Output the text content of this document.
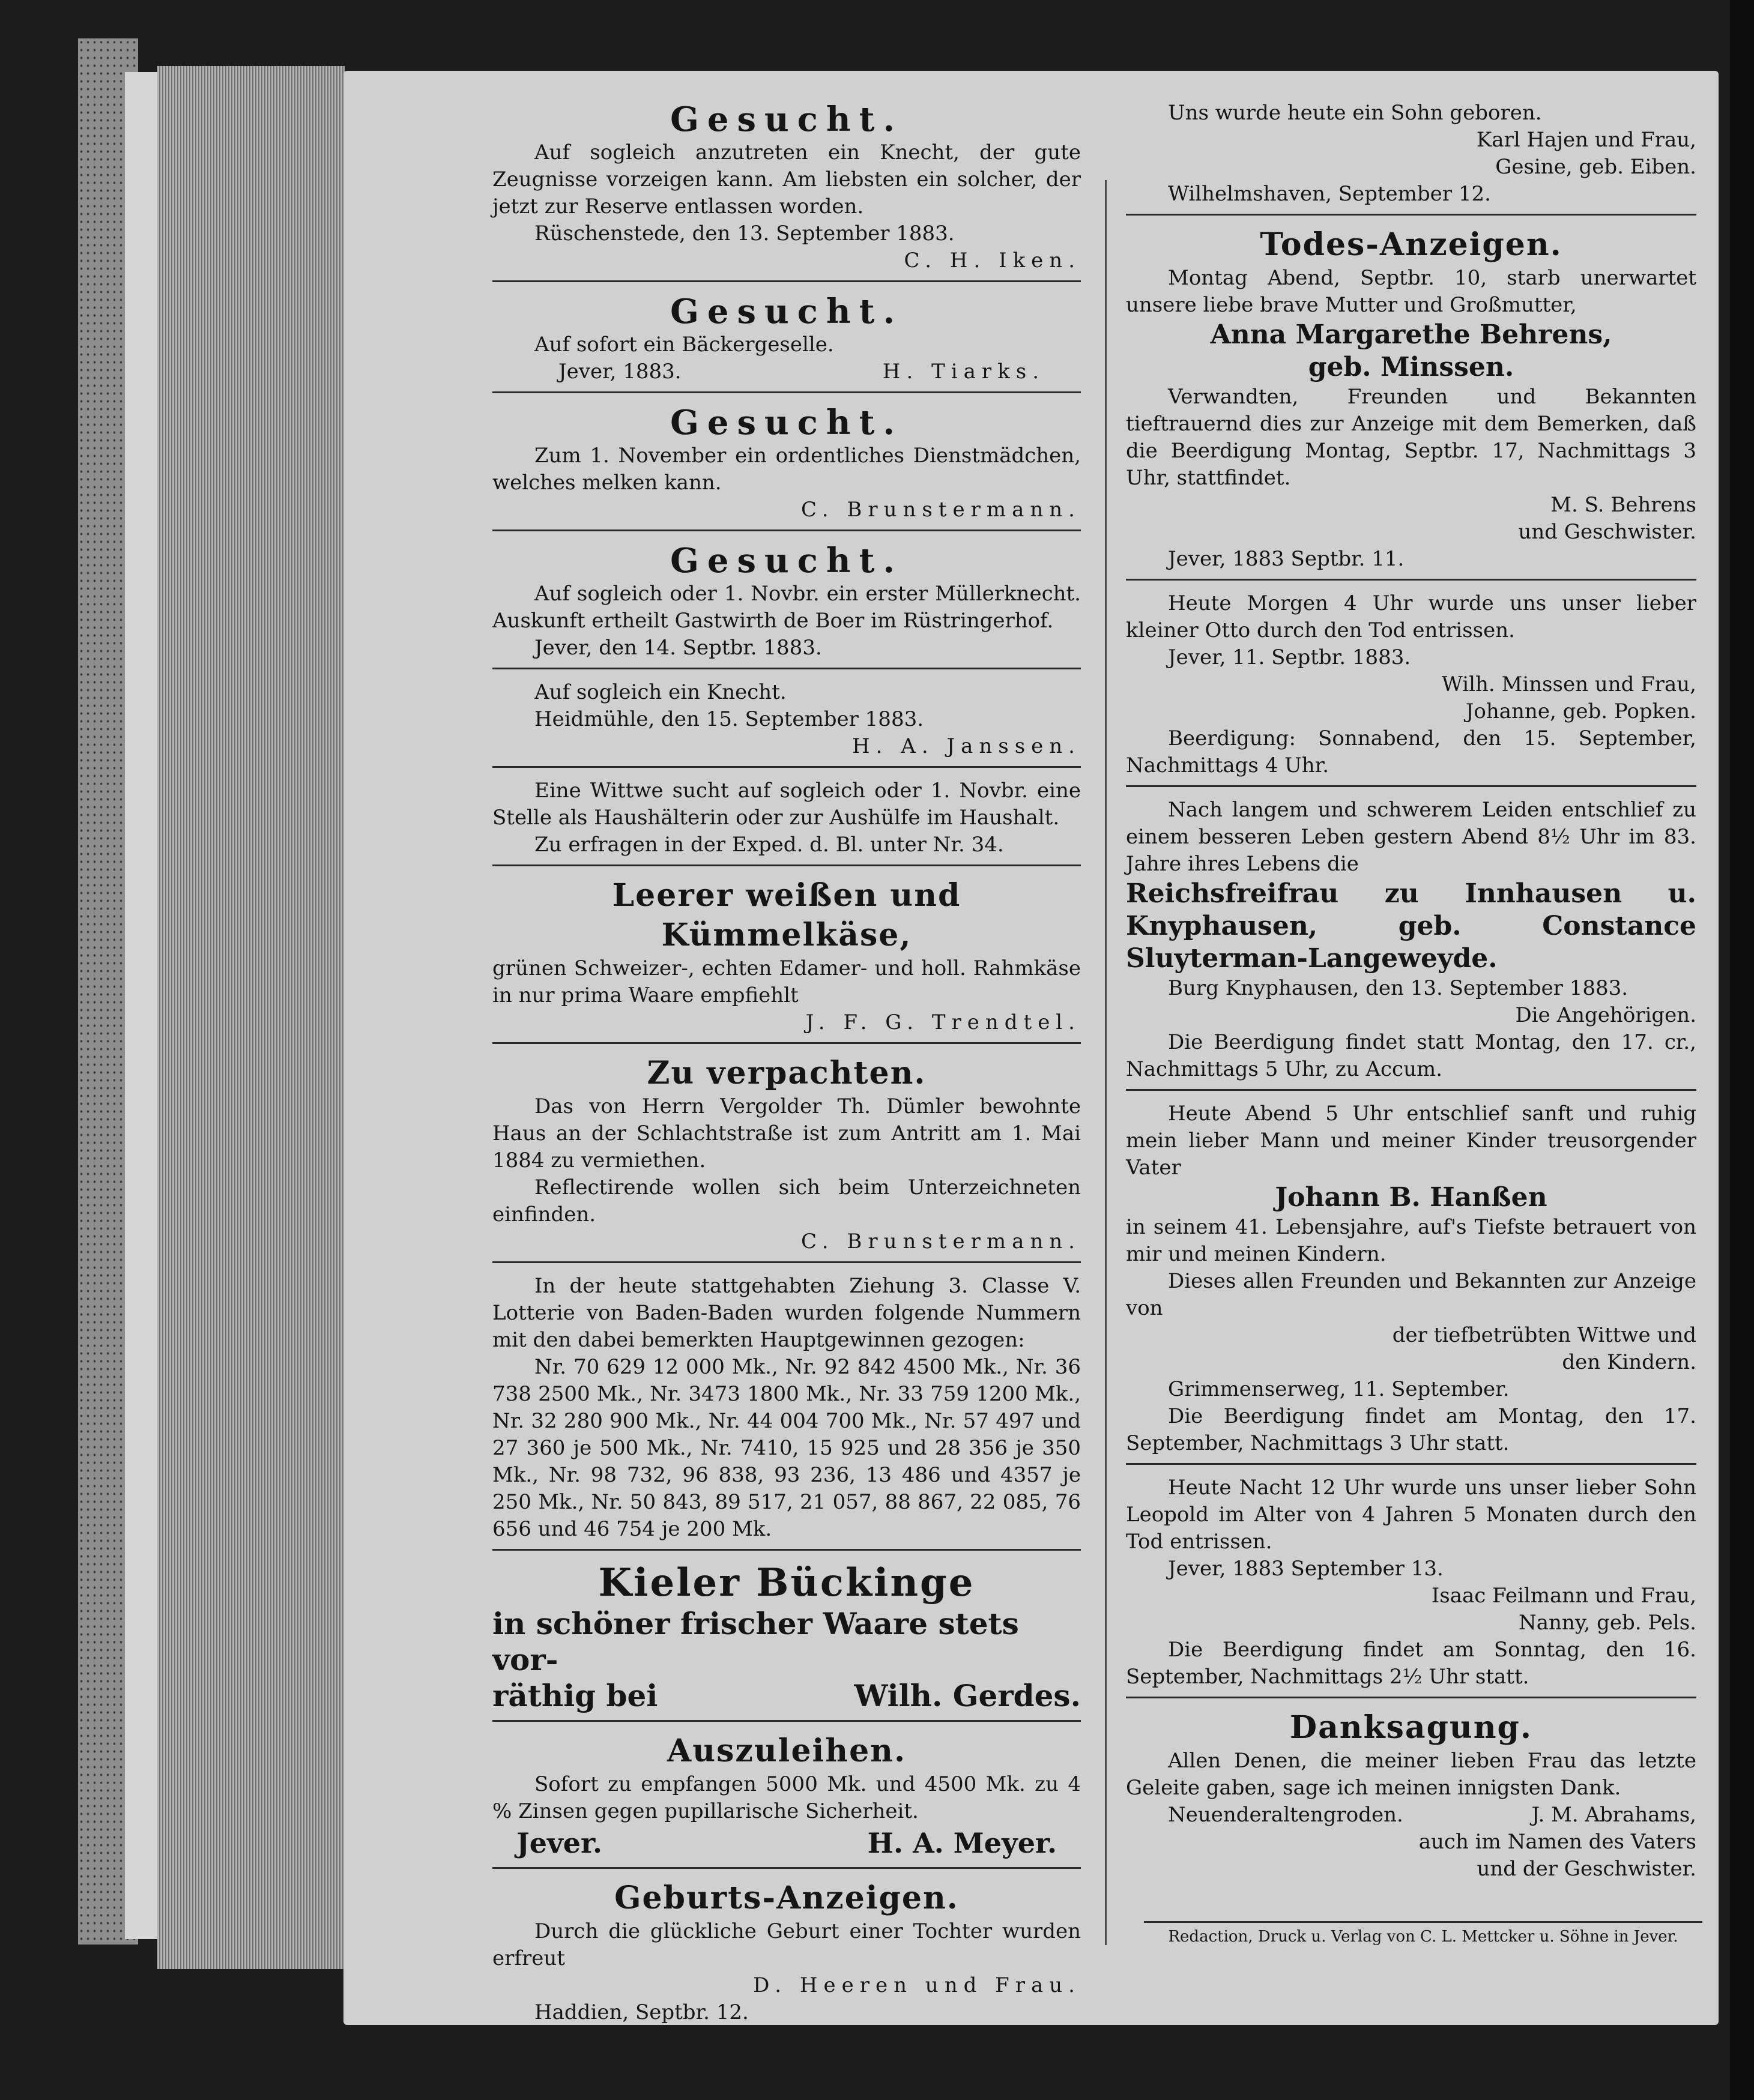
Gesucht.

Auf sogleich anzutreten ein Knecht, der gute Zeugnisse vorzeigen kann. Am liebsten ein solcher, der jetzt zur Reserve entlassen worden.

Rüschenstede, den 13. September 1883.

C. H. Iken.

Gesucht.

Auf sofort ein Bäckergeselle.

Jever, 1883.	H. Tiarks.
Gesucht.

Zum 1. November ein ordentliches Dienstmädchen, welches melken kann.

C. Brunstermann.

Gesucht.

Auf sogleich oder 1. Novbr. ein erster Müllerknecht. Auskunft ertheilt Gastwirth de Boer im Rüstringerhof.

Jever, den 14. Septbr. 1883.

Auf sogleich ein Knecht.

Heidmühle, den 15. September 1883.

H. A. Janssen.

Eine Wittwe sucht auf sogleich oder 1. Novbr. eine Stelle als Haushälterin oder zur Aushülfe im Haushalt.

Zu erfragen in der Exped. d. Bl. unter Nr. 34.

Leerer weißen und Kümmelkäse,

grünen Schweizer-, echten Edamer- und holl. Rahmkäse in nur prima Waare empfiehlt

J. F. G. Trendtel.

Zu verpachten.

Das von Herrn Vergolder Th. Dümler bewohnte Haus an der Schlachtstraße ist zum Antritt am 1. Mai 1884 zu vermiethen.

Reflectirende wollen sich beim Unterzeichneten einfinden.

C. Brunstermann.

In der heute stattgehabten Ziehung 3. Classe V. Lotterie von Baden-Baden wurden folgende Nummern mit den dabei bemerkten Hauptgewinnen gezogen:

Nr. 70 629 12 000 Mk., Nr. 92 842 4500 Mk., Nr. 36 738 2500 Mk., Nr. 3473 1800 Mk., Nr. 33 759 1200 Mk., Nr. 32 280 900 Mk., Nr. 44 004 700 Mk., Nr. 57 497 und 27 360 je 500 Mk., Nr. 7410, 15 925 und 28 356 je 350 Mk., Nr. 98 732, 96 838, 93 236, 13 486 und 4357 je 250 Mk., Nr. 50 843, 89 517, 21 057, 88 867, 22 085, 76 656 und 46 754 je 200 Mk.

Kieler Bückinge

in schöner frischer Waare stets vor-

räthig bei	Wilh. Gerdes.
Auszuleihen.

Sofort zu empfangen 5000 Mk. und 4500 Mk. zu 4 % Zinsen gegen pupillarische Sicherheit.

Jever.	H. A. Meyer.
Geburts-Anzeigen.

Durch die glückliche Geburt einer Tochter wurden erfreut

D. Heeren und Frau.

Haddien, Septbr. 12.

Uns wurde heute ein Sohn geboren.

Karl Hajen und Frau,

Gesine, geb. Eiben.

Wilhelmshaven, September 12.

Todes-Anzeigen.

Montag Abend, Septbr. 10, starb unerwartet unsere liebe brave Mutter und Großmutter,

Anna Margarethe Behrens,

geb. Minssen.

Verwandten, Freunden und Bekannten tieftrauernd dies zur Anzeige mit dem Bemerken, daß die Beerdigung Montag, Septbr. 17, Nachmittags 3 Uhr, stattfindet.

M. S. Behrens

und Geschwister.

Jever, 1883 Septbr. 11.

Heute Morgen 4 Uhr wurde uns unser lieber kleiner Otto durch den Tod entrissen.

Jever, 11. Septbr. 1883.

Wilh. Minssen und Frau,

Johanne, geb. Popken.

Beerdigung: Sonnabend, den 15. September, Nachmittags 4 Uhr.

Nach langem und schwerem Leiden entschlief zu einem besseren Leben gestern Abend 8½ Uhr im 83. Jahre ihres Lebens die

Reichsfreifrau zu Innhausen u. Knyphausen, geb. Constance Sluyterman-Langeweyde.

Burg Knyphausen, den 13. September 1883.

Die Angehörigen.

Die Beerdigung findet statt Montag, den 17. cr., Nachmittags 5 Uhr, zu Accum.

Heute Abend 5 Uhr entschlief sanft und ruhig mein lieber Mann und meiner Kinder treusorgender Vater

Johann B. Hanßen

in seinem 41. Lebensjahre, auf's Tiefste betrauert von mir und meinen Kindern.

Dieses allen Freunden und Bekannten zur Anzeige von

der tiefbetrübten Wittwe und

den Kindern.

Grimmenserweg, 11. September.

Die Beerdigung findet am Montag, den 17. September, Nachmittags 3 Uhr statt.

Heute Nacht 12 Uhr wurde uns unser lieber Sohn Leopold im Alter von 4 Jahren 5 Monaten durch den Tod entrissen.

Jever, 1883 September 13.

Isaac Feilmann und Frau,

Nanny, geb. Pels.

Die Beerdigung findet am Sonntag, den 16. September, Nachmittags 2½ Uhr statt.

Danksagung.

Allen Denen, die meiner lieben Frau das letzte Geleite gaben, sage ich meinen innigsten Dank.

Neuenderaltengroden.	J. M. Abrahams,

auch im Namen des Vaters

und der Geschwister.

Redaction, Druck u. Verlag von C. L. Mettcker u. Söhne in Jever.
